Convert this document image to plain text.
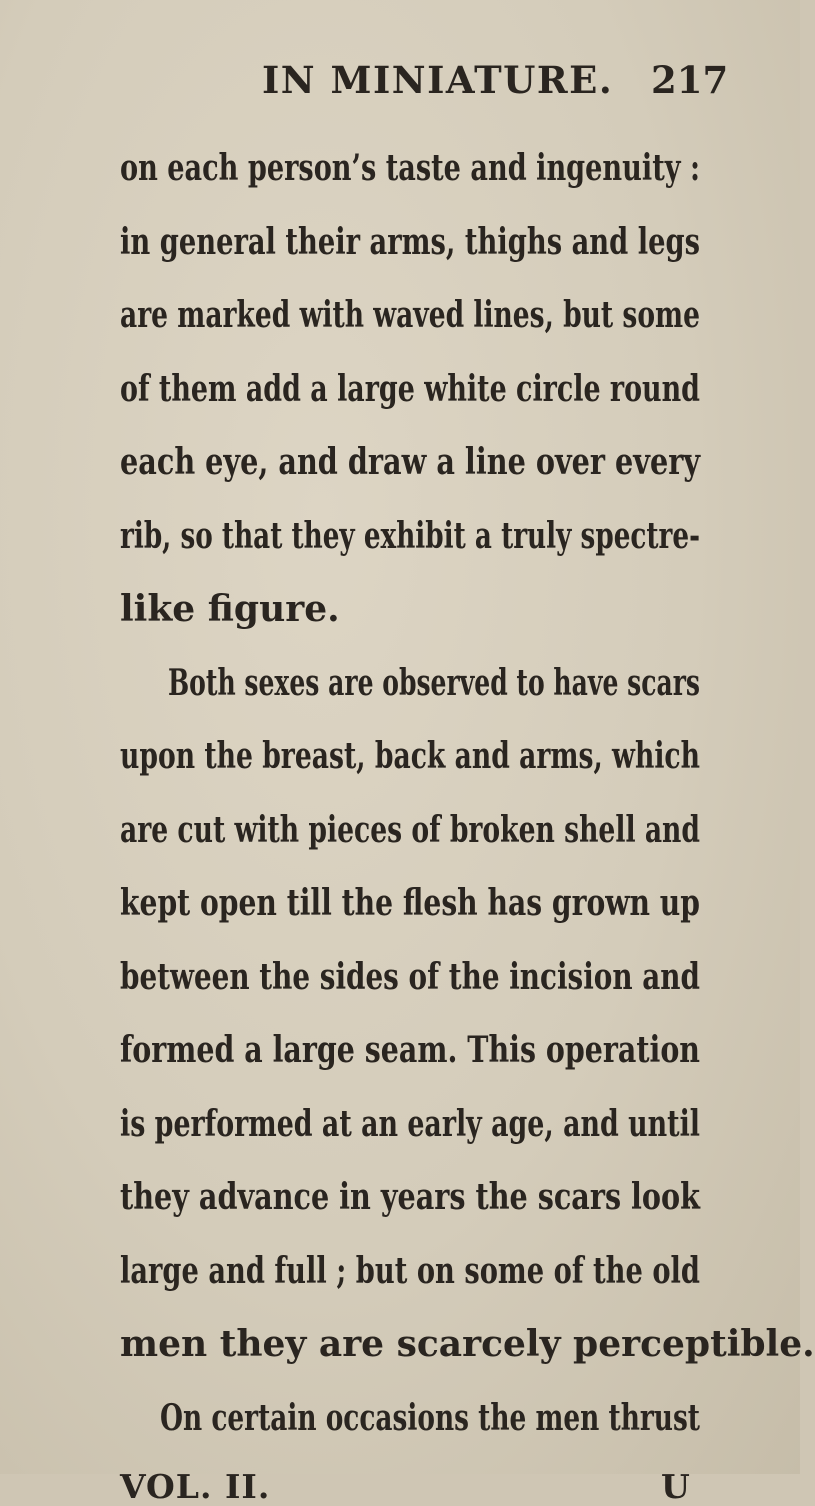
IN MINIATURE. 217
on each person’s taste and ingenuity :
in general their arms, thighs and legs
are marked with waved lines, but some
of them add a large white circle round
each eye, and draw a line over every
rib, so that they exhibit a truly spectre-
like figure.
Both sexes are observed to have scars
upon the breast, back and arms, which
are cut with pieces of broken shell and
kept open till the flesh has grown up
between the sides of the incision and
formed a large seam. This operation
is performed at an early age, and until
they advance in years the scars look
large and full ; but on some of the old
men they are scarcely perceptible.
On certain occasions the men thrust
VOL. II.	U
